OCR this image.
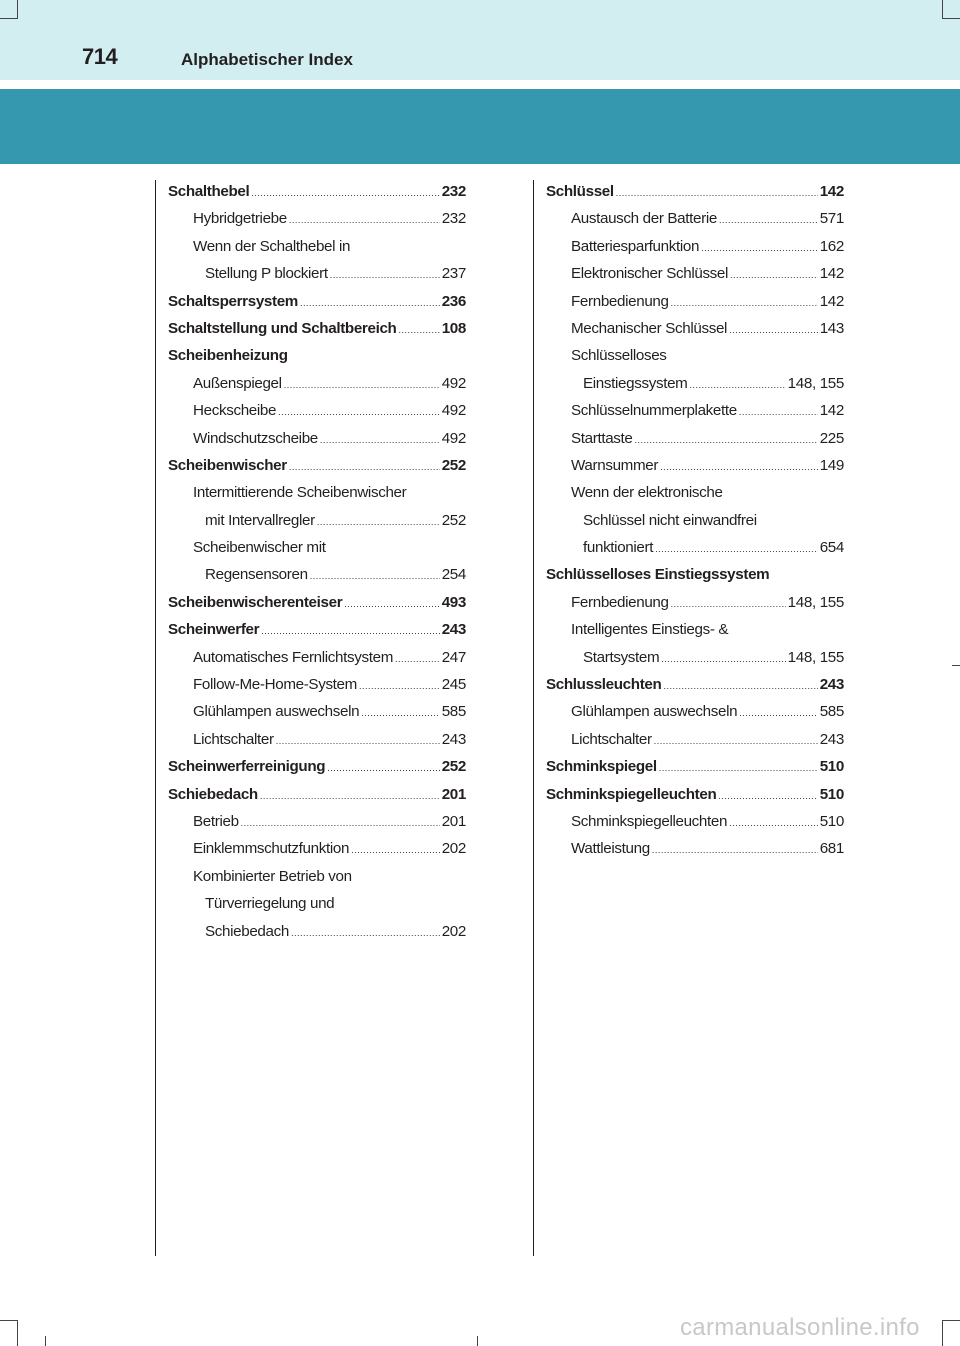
714	Alphabetischer Index
Schalthebel .....	232
Hybridgetriebe .....	232
Wenn der Schalthebel in
Stellung P blockiert .....	237
Schaltsperrsystem .....	236
Schaltstellung und Schaltbereich .....	108
Scheibenheizung
Außenspiegel .....	492
Heckscheibe .....	492
Windschutzscheibe .....	492
Scheibenwischer .....	252
Intermittierende Scheibenwischer
mit Intervallregler .....	252
Scheibenwischer mit
Regensensoren .....	254
Scheibenwischerenteiser .....	493
Scheinwerfer .....	243
Automatisches Fernlichtsystem .....	247
Follow-Me-Home-System .....	245
Glühlampen auswechseln .....	585
Lichtschalter .....	243
Scheinwerferreinigung .....	252
Schiebedach .....	201
Betrieb .....	201
Einklemmschutzfunktion .....	202
Kombinierter Betrieb von
Türverriegelung und
Schiebedach .....	202
Schlüssel .....	142
Austausch der Batterie .....	571
Batteriesparfunktion .....	162
Elektronischer Schlüssel .....	142
Fernbedienung .....	142
Mechanischer Schlüssel .....	143
Schlüsselloses
Einstiegssystem .....	148, 155
Schlüsselnummerplakette .....	142
Starttaste .....	225
Warnsummer .....	149
Wenn der elektronische
Schlüssel nicht einwandfrei
funktioniert .....	654
Schlüsselloses Einstiegssystem
Fernbedienung .....	148, 155
Intelligentes Einstiegs- &
Startsystem .....	148, 155
Schlussleuchten .....	243
Glühlampen auswechseln .....	585
Lichtschalter .....	243
Schminkspiegel .....	510
Schminkspiegelleuchten .....	510
Schminkspiegelleuchten .....	510
Wattleistung .....	681
carmanualsonline.info
